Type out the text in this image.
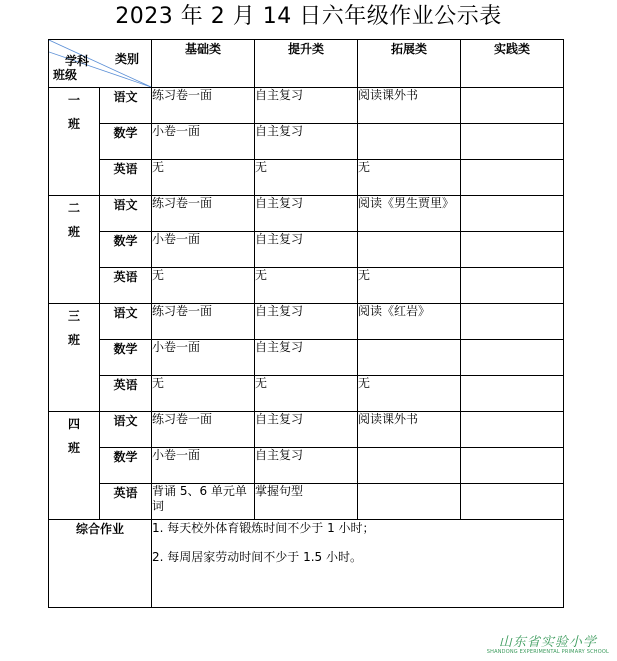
2023 年 2 月 14 日六年级作业公示表
类别
学科
班级		基础类	提升类	拓展类	实践类

一
班	语文	练习卷一面	自主复习	阅读课外书	
	数学	小卷一面	自主复习		
	英语	无	无	无	

二
班	语文	练习卷一面	自主复习	阅读《男生贾里》	
	数学	小卷一面	自主复习		
	英语	无	无	无	

三
班	语文	练习卷一面	自主复习	阅读《红岩》	
	数学	小卷一面	自主复习		
	英语	无	无	无	

四
班	语文	练习卷一面	自主复习	阅读课外书	
	数学	小卷一面	自主复习		
	英语	背诵 5、6 单元单词	掌握句型		
综合作业		1. 每天校外体育锻炼时间不少于 1 小时；

2. 每周居家劳动时间不少于 1.5 小时。			

山东省实验小学
SHANDONG EXPERIMENTAL PRIMARY SCHOOL
